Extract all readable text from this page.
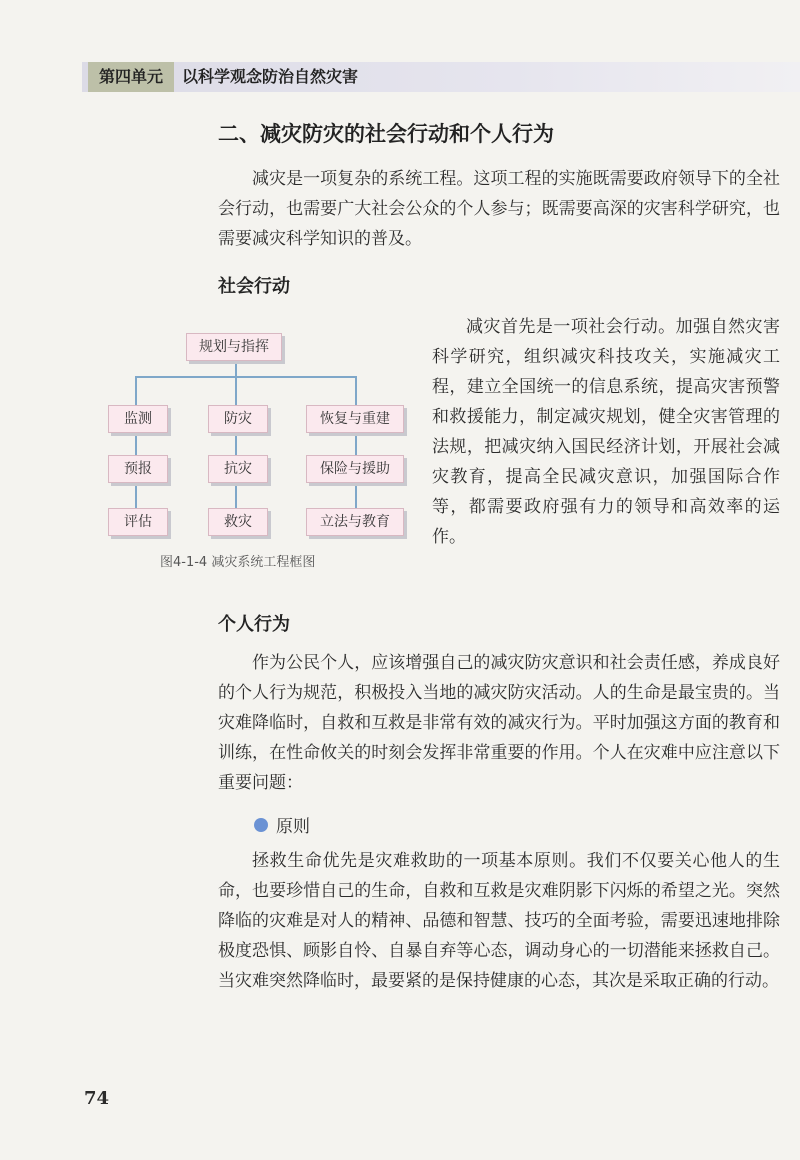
第四单元	以科学观念防治自然灾害
二、减灾防灾的社会行动和个人行为

减灾是一项复杂的系统工程。这项工程的实施既需要政府领导下的全社会行动，也需要广大社会公众的个人参与；既需要高深的灾害科学研究，也需要减灾科学知识的普及。

社会行动

减灾首先是一项社会行动。加强自然灾害科学研究，组织减灾科技攻关，实施减灾工程，建立全国统一的信息系统，提高灾害预警和救援能力，制定减灾规划，健全灾害管理的法规，把减灾纳入国民经济计划，开展社会减灾教育，提高全民减灾意识，加强国际合作等，都需要政府强有力的领导和高效率的运作。

规划与指挥
监测
预报
评估
防灾
抗灾
救灾
恢复与重建
保险与援助
立法与教育
图4-1-4 减灾系统工程框图
个人行为

作为公民个人，应该增强自己的减灾防灾意识和社会责任感，养成良好的个人行为规范，积极投入当地的减灾防灾活动。人的生命是最宝贵的。当灾难降临时，自救和互救是非常有效的减灾行为。平时加强这方面的教育和训练，在性命攸关的时刻会发挥非常重要的作用。个人在灾难中应注意以下重要问题：

原则

拯救生命优先是灾难救助的一项基本原则。我们不仅要关心他人的生命，也要珍惜自己的生命，自救和互救是灾难阴影下闪烁的希望之光。突然降临的灾难是对人的精神、品德和智慧、技巧的全面考验，需要迅速地排除极度恐惧、顾影自怜、自暴自弃等心态，调动身心的一切潜能来拯救自己。当灾难突然降临时，最要紧的是保持健康的心态，其次是采取正确的行动。

74
